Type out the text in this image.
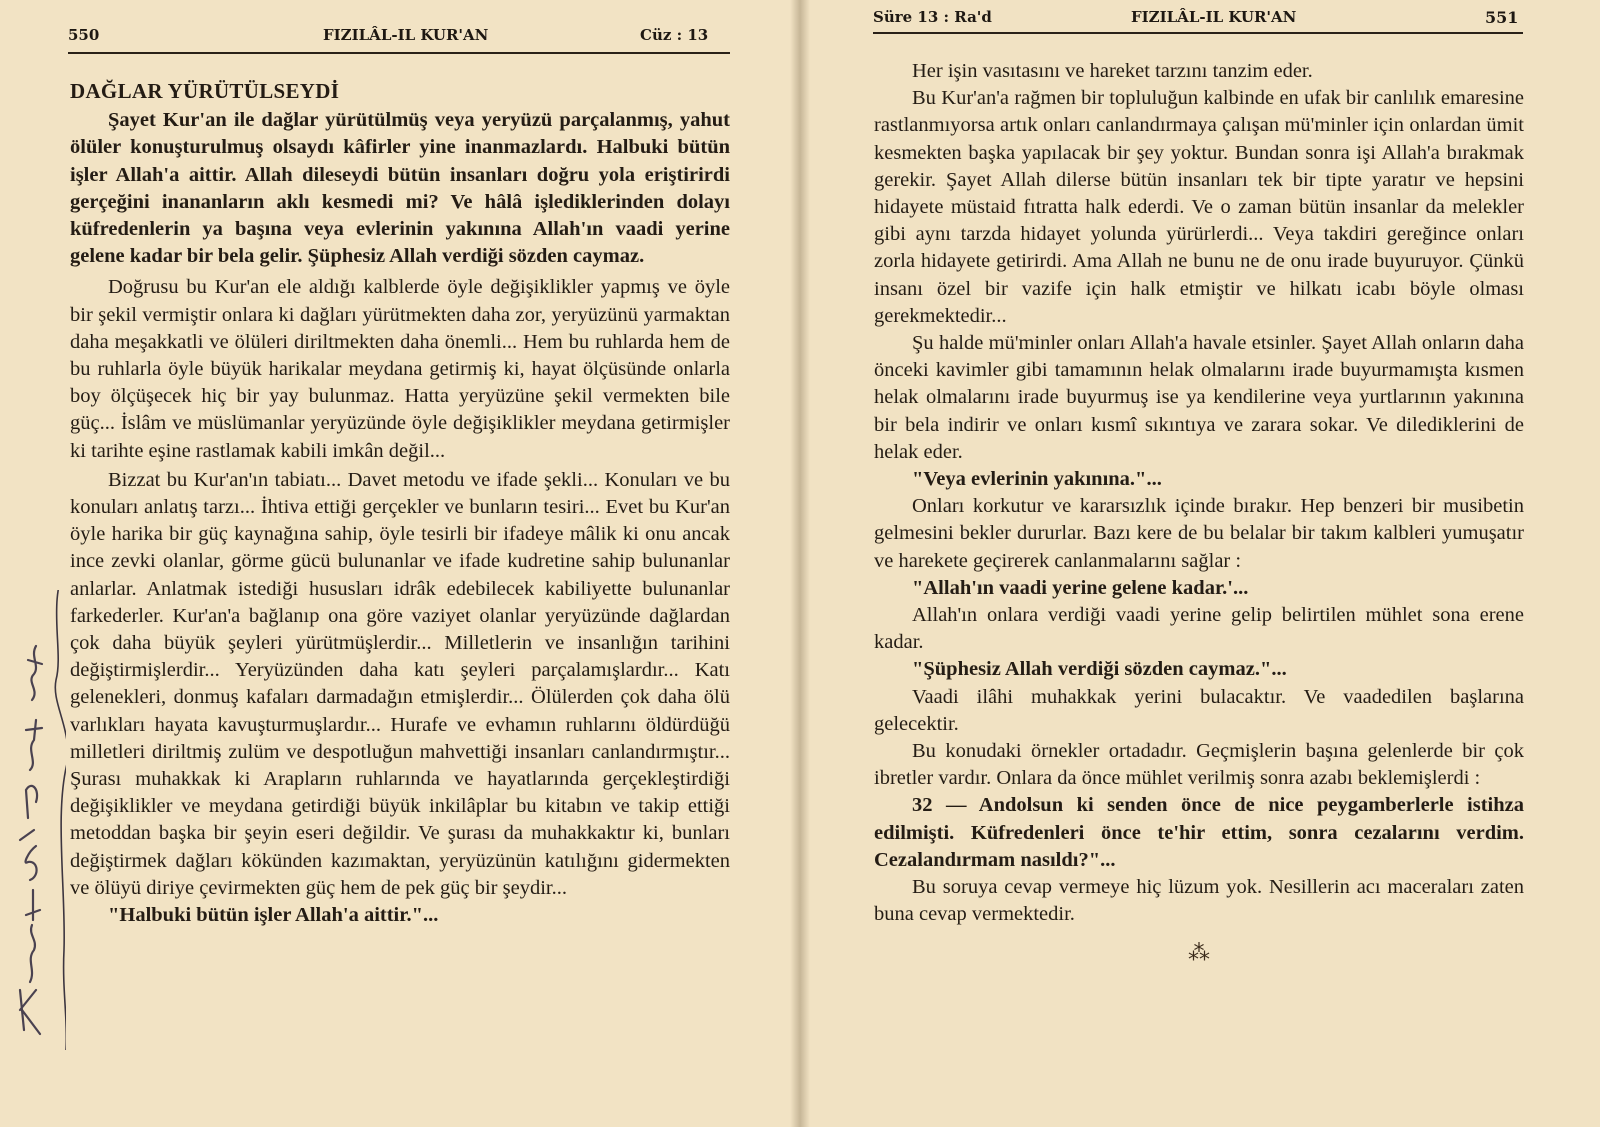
550	FIZILÂL-IL KUR'AN	Cüz : 13

DAĞLAR YÜRÜTÜLSEYDİ

Şayet Kur'an ile dağlar yürütülmüş veya yeryüzü parçalanmış, yahut ölüler konuşturulmuş olsaydı kâfirler yine inanmazlardı. Halbuki bütün işler Allah'a aittir. Allah dileseydi bütün insanları doğru yola eriştirirdi gerçeğini inananların aklı kesmedi mi? Ve hâlâ işlediklerinden dolayı küfredenlerin ya başına veya evlerinin yakınına Allah'ın vaadi yerine gelene kadar bir bela gelir. Şüphesiz Allah verdiği sözden caymaz.

Doğrusu bu Kur'an ele aldığı kalblerde öyle değişiklikler yapmış ve öyle bir şekil vermiştir onlara ki dağları yürütmekten daha zor, yeryüzünü yarmaktan daha meşakkatli ve ölüleri diriltmekten daha önemli... Hem bu ruhlarda hem de bu ruhlarla öyle büyük harikalar meydana getirmiş ki, hayat ölçüsünde onlarla boy ölçüşecek hiç bir yay bulunmaz. Hatta yeryüzüne şekil vermekten bile güç... İslâm ve müslümanlar yeryüzünde öyle değişiklikler meydana getirmişler ki tarihte eşine rastlamak kabili imkân değil...

Bizzat bu Kur'an'ın tabiatı... Davet metodu ve ifade şekli... Konuları ve bu konuları anlatış tarzı... İhtiva ettiği gerçekler ve bunların tesiri... Evet bu Kur'an öyle harika bir güç kaynağına sahip, öyle tesirli bir ifadeye mâlik ki onu ancak ince zevki olanlar, görme gücü bulunanlar ve ifade kudretine sahip bulunanlar anlarlar. Anlatmak istediği hususları idrâk edebilecek kabiliyette bulunanlar farkederler. Kur'an'a bağlanıp ona göre vaziyet olanlar yeryüzünde dağlardan çok daha büyük şeyleri yürütmüşlerdir... Milletlerin ve insanlığın tarihini değiştirmişlerdir... Yeryüzünden daha katı şeyleri parçalamışlardır... Katı gelenekleri, donmuş kafaları darmadağın etmişlerdir... Ölülerden çok daha ölü varlıkları hayata kavuşturmuşlardır... Hurafe ve evhamın ruhlarını öldürdüğü milletleri diriltmiş zulüm ve despotluğun mahvettiği insanları canlandırmıştır... Şurası muhakkak ki Arapların ruhlarında ve hayatlarında gerçekleştirdiği değişiklikler ve meydana getirdiği büyük inkilâplar bu kitabın ve takip ettiği metoddan başka bir şeyin eseri değildir. Ve şurası da muhakkaktır ki, bunları değiştirmek dağları kökünden kazımaktan, yeryüzünün katılığını gidermekten ve ölüyü diriye çevirmekten güç hem de pek güç bir şeydir...

"Halbuki bütün işler Allah'a aittir."...

Süre 13 : Ra'd	FIZILÂL-IL KUR'AN	551

Her işin vasıtasını ve hareket tarzını tanzim eder.

Bu Kur'an'a rağmen bir topluluğun kalbinde en ufak bir canlılık emaresine rastlanmıyorsa artık onları canlandırmaya çalışan mü'minler için onlardan ümit kesmekten başka yapılacak bir şey yoktur. Bundan sonra işi Allah'a bırakmak gerekir. Şayet Allah dilerse bütün insanları tek bir tipte yaratır ve hepsini hidayete müstaid fıtratta halk ederdi. Ve o zaman bütün insanlar da melekler gibi aynı tarzda hidayet yolunda yürürlerdi... Veya takdiri gereğince onları zorla hidayete getirirdi. Ama Allah ne bunu ne de onu irade buyuruyor. Çünkü insanı özel bir vazife için halk etmiştir ve hilkatı icabı böyle olması gerekmektedir...

Şu halde mü'minler onları Allah'a havale etsinler. Şayet Allah onların daha önceki kavimler gibi tamamının helak olmalarını irade buyurmamışta kısmen helak olmalarını irade buyurmuş ise ya kendilerine veya yurtlarının yakınına bir bela indirir ve onları kısmî sıkıntıya ve zarara sokar. Ve dilediklerini de helak eder.

"Veya evlerinin yakınına."...

Onları korkutur ve kararsızlık içinde bırakır. Hep benzeri bir musibetin gelmesini bekler dururlar. Bazı kere de bu belalar bir takım kalbleri yumuşatır ve harekete geçirerek canlanmalarını sağlar :

"Allah'ın vaadi yerine gelene kadar.'...

Allah'ın onlara verdiği vaadi yerine gelip belirtilen mühlet sona erene kadar.

"Şüphesiz Allah verdiği sözden caymaz."...

Vaadi ilâhi muhakkak yerini bulacaktır. Ve vaadedilen başlarına gelecektir.

Bu konudaki örnekler ortadadır. Geçmişlerin başına gelenlerde bir çok ibretler vardır. Onlara da önce mühlet verilmiş sonra azabı beklemişlerdi :

32 — Andolsun ki senden önce de nice peygamberlerle istihza edilmişti. Küfredenleri önce te'hir ettim, sonra cezalarını verdim. Cezalandırmam nasıldı?"...

Bu soruya cevap vermeye hiç lüzum yok. Nesillerin acı maceraları zaten buna cevap vermektedir.

⁂
